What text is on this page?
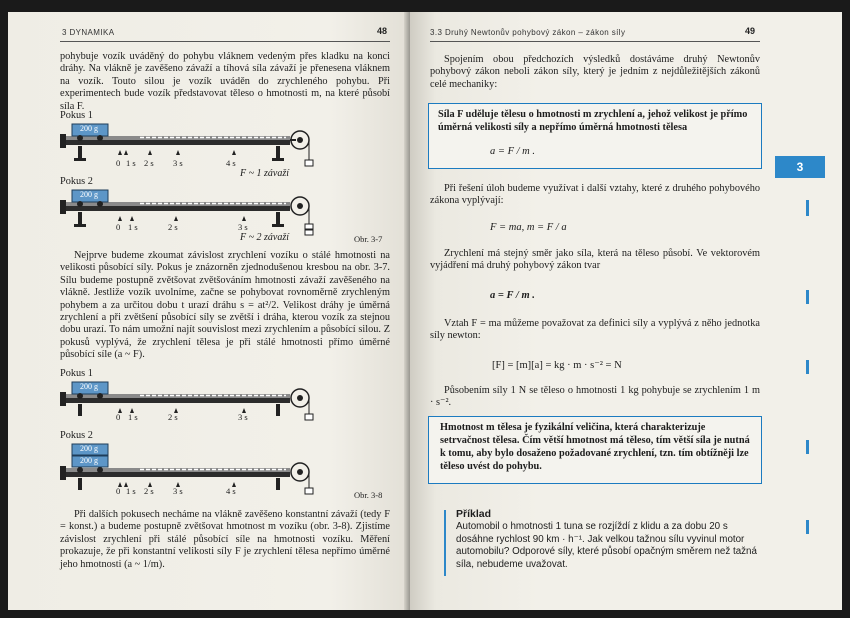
3 DYNAMIKA	48
pohybuje vozík uváděný do pohybu vláknem vedeným přes kladku na konci dráhy. Na vlákně je zavěšeno závaží a tíhová síla závaží je přenesena vláknem na vozík. Touto silou je vozík uváděn do zrychleného pohybu. Při experimentech bude vozík představovat těleso o hmotnosti m, na které působí síla F.
Pokus 1
Pokus 2
200 g
0 1 s 2 s 3 s	4 s
F ~ 1 závaží
200 g
0 1 s	2 s	3 s
F ~ 2 závaží	Obr. 3-7
Nejprve budeme zkoumat závislost zrychlení vozíku o stálé hmotnosti na velikosti působící síly. Pokus je znázorněn zjednodušenou kresbou na obr. 3-7. Sílu budeme postupně zvětšovat zvětšováním hmotnosti závaží zavěšeného na vlákně. Jestliže vozík uvolníme, začne se pohybovat rovnoměrně zrychleným pohybem a za určitou dobu t urazí dráhu s = at²/2. Velikost dráhy je úměrná zrychlení a při zvětšení působící síly se zvětší i dráha, kterou vozík za stejnou dobu urazí. To nám umožní najít souvislost mezi zrychlením a působící silou. Z pokusů vyplývá, že zrychlení tělesa je při stálé hmotnosti přímo úměrné působící síle (a ~ F).
Pokus 1
200 g
0 1 s	2 s	3 s
Pokus 2
200 g
200 g
0 1 s 2 s 3 s	4 s	Obr. 3-8
Při dalších pokusech necháme na vlákně zavěšeno konstantní závaží (tedy F = konst.) a budeme postupně zvětšovat hmotnost m vozíku (obr. 3-8). Zjistíme závislost zrychlení při stálé působící síle na hmotnosti vozíku. Měření prokazuje, že při konstantní velikosti síly F je zrychlení tělesa nepřímo úměrné jeho hmotnosti (a ~ 1/m).
3.3 Druhý Newtonův pohybový zákon – zákon síly	49
Spojením obou předchozích výsledků dostáváme druhý Newtonův pohybový zákon neboli zákon síly, který je jedním z nejdůležitějších zákonů celé mechaniky:
Síla F uděluje tělesu o hmotnosti m zrychlení a, jehož velikost je přímo úměrná velikosti síly a nepřímo úměrná hmotnosti tělesa
a = F / m .
Při řešení úloh budeme využívat i další vztahy, které z druhého pohybového zákona vyplývají:
F = ma, m = F / a
Zrychlení má stejný směr jako síla, která na těleso působí. Ve vektorovém vyjádření má druhý pohybový zákon tvar
a = F / m .
Vztah F = ma můžeme považovat za definici síly a vyplývá z něho jednotka síly newton:
[F] = [m][a] = kg · m · s⁻² = N
Působením síly 1 N se těleso o hmotnosti 1 kg pohybuje se zrychlením 1 m · s⁻².
Hmotnost m tělesa je fyzikální veličina, která charakterizuje setrvačnost tělesa. Čím větší hmotnost má těleso, tím větší síla je nutná k tomu, aby bylo dosaženo požadované zrychlení, tzn. tím obtížněji lze těleso uvést do pohybu.
Příklad
Automobil o hmotnosti 1 tuna se rozjíždí z klidu a za dobu 20 s dosáhne rychlost 90 km · h⁻¹. Jak velkou tažnou sílu vyvinul motor automobilu? Odporové síly, které působí opačným směrem než tažná síla, nebudeme uvažovat.
3
